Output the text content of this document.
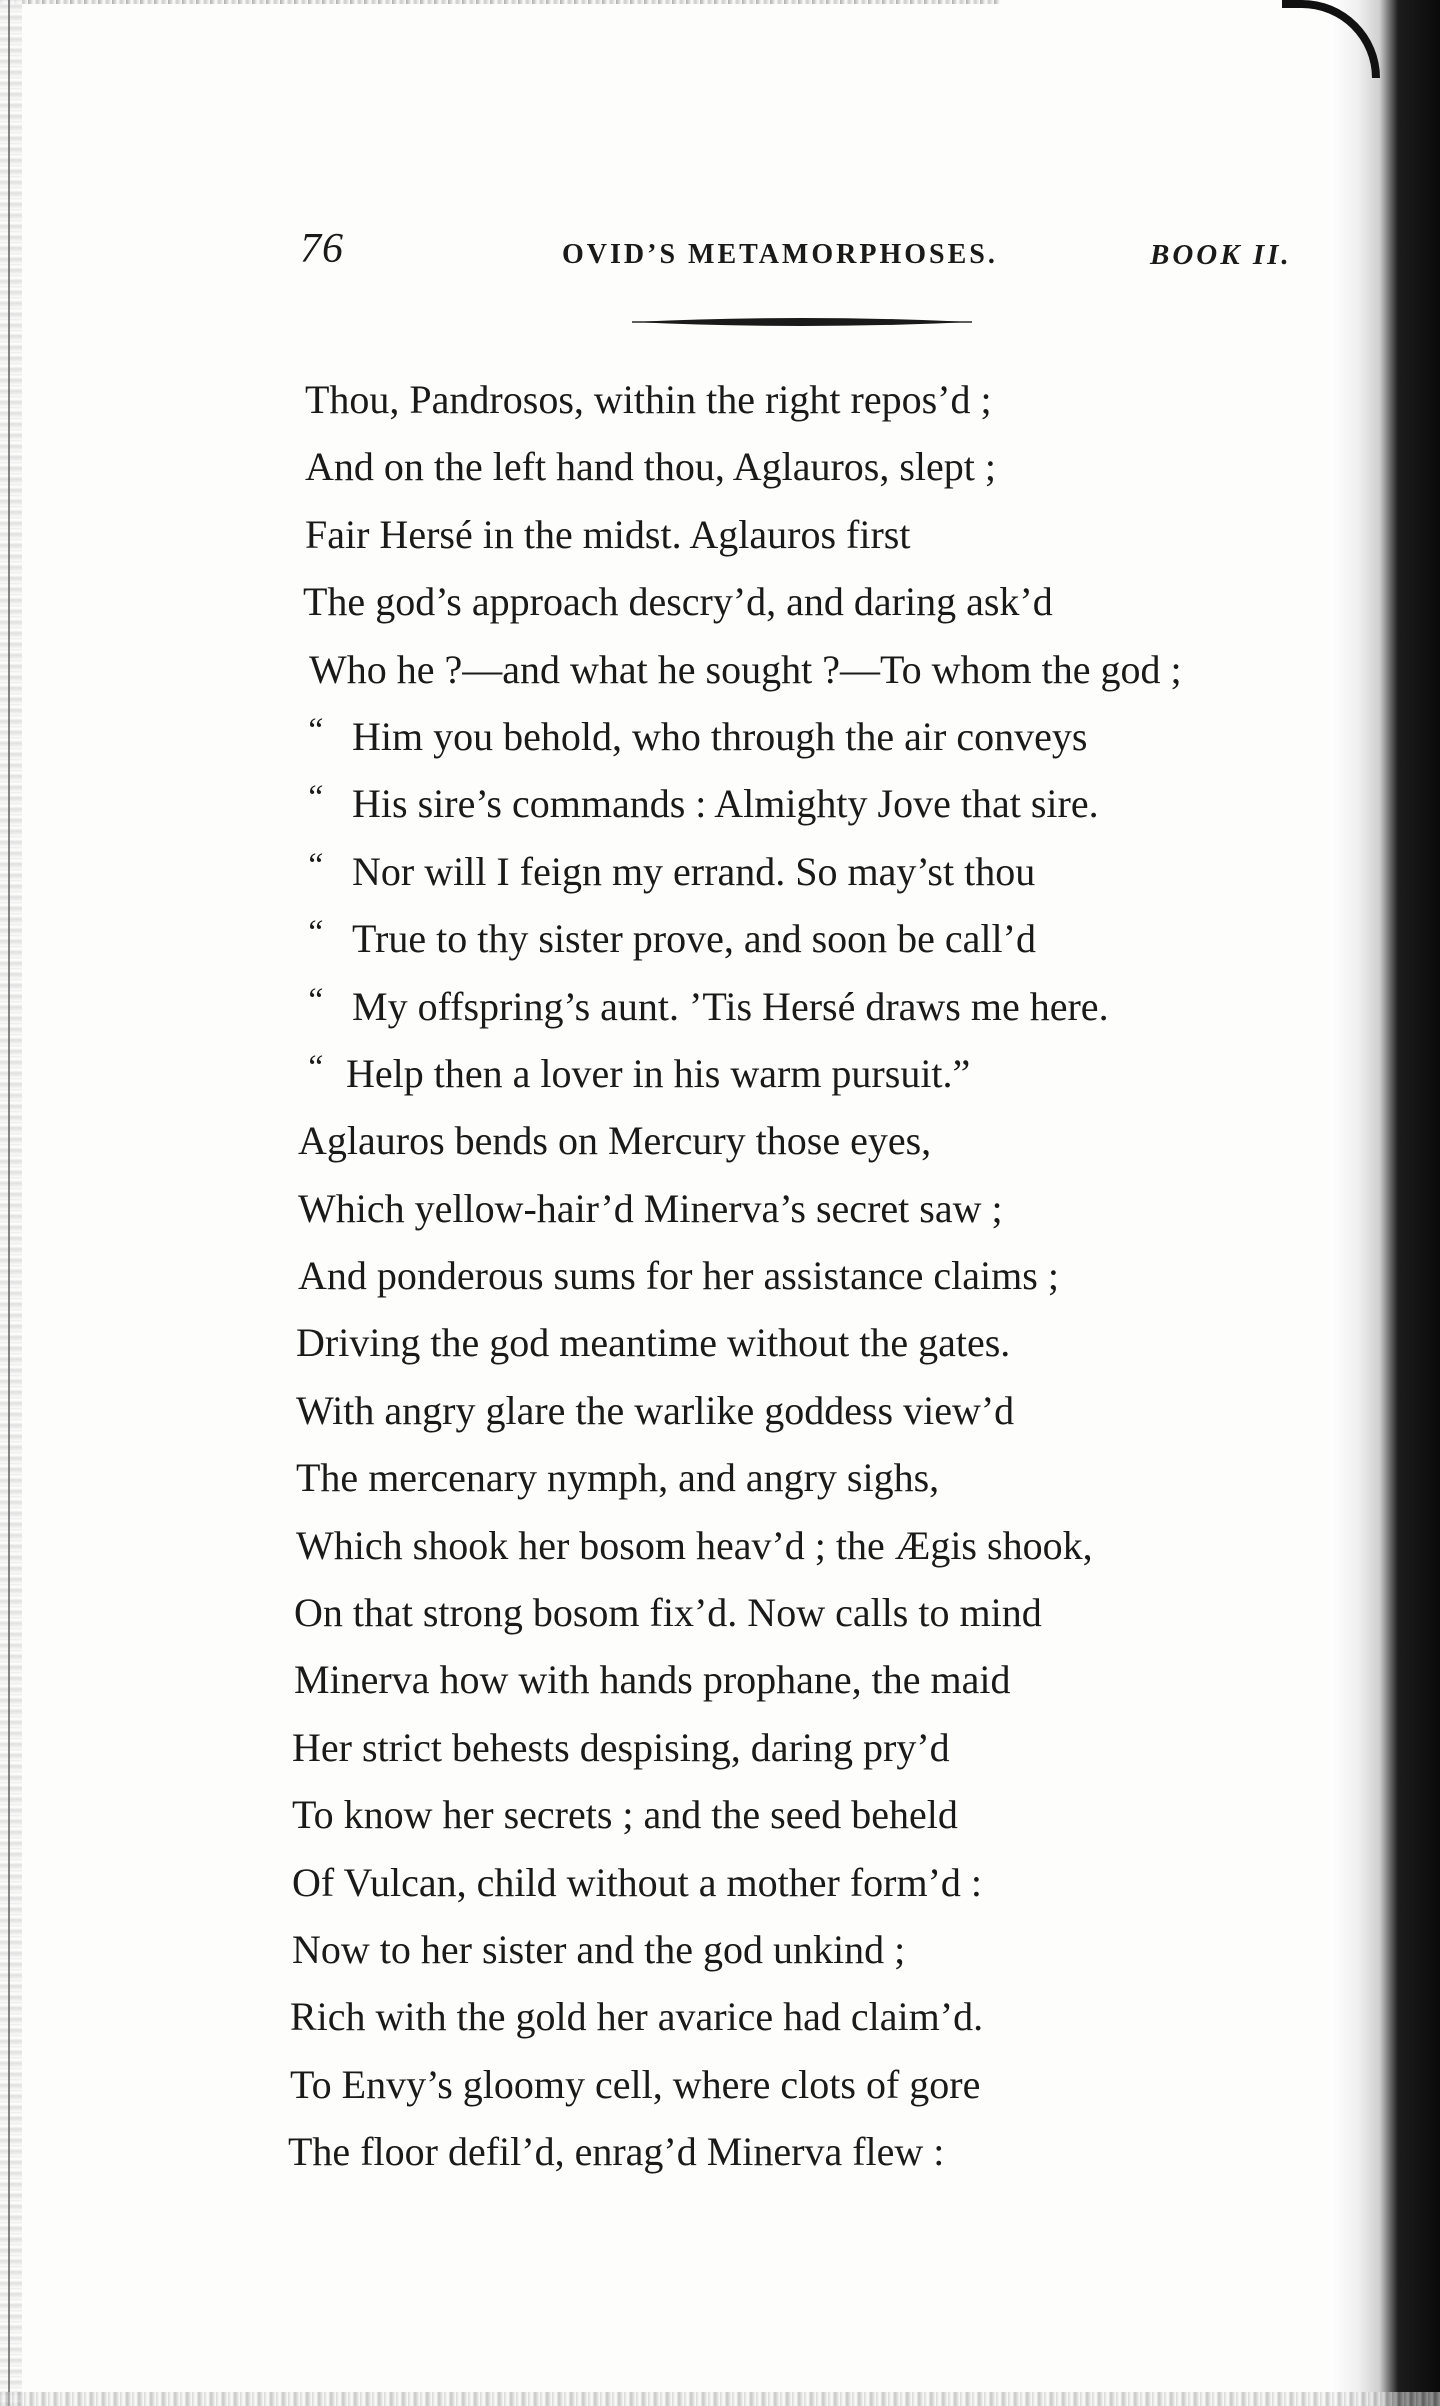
76	OVID’S METAMORPHOSES.	BOOK II.
Thou, Pandrosos, within the right repos’d ;
And on the left hand thou, Aglauros, slept ;
Fair Hersé in the midst. Aglauros first
The god’s approach descry’d, and daring ask’d
Who he ?—and what he sought ?—To whom the god ;
“ Him you behold, who through the air conveys
“ His sire’s commands : Almighty Jove that sire.
“ Nor will I feign my errand. So may’st thou
“ True to thy sister prove, and soon be call’d
“ My offspring’s aunt. ’Tis Hersé draws me here.
“ Help then a lover in his warm pursuit.”
Aglauros bends on Mercury those eyes,
Which yellow-hair’d Minerva’s secret saw ;
And ponderous sums for her assistance claims ;
Driving the god meantime without the gates.
With angry glare the warlike goddess view’d
The mercenary nymph, and angry sighs,
Which shook her bosom heav’d ; the Ægis shook,
On that strong bosom fix’d. Now calls to mind
Minerva how with hands prophane, the maid
Her strict behests despising, daring pry’d
To know her secrets ; and the seed beheld
Of Vulcan, child without a mother form’d :
Now to her sister and the god unkind ;
Rich with the gold her avarice had claim’d.
To Envy’s gloomy cell, where clots of gore
The floor defil’d, enrag’d Minerva flew :
